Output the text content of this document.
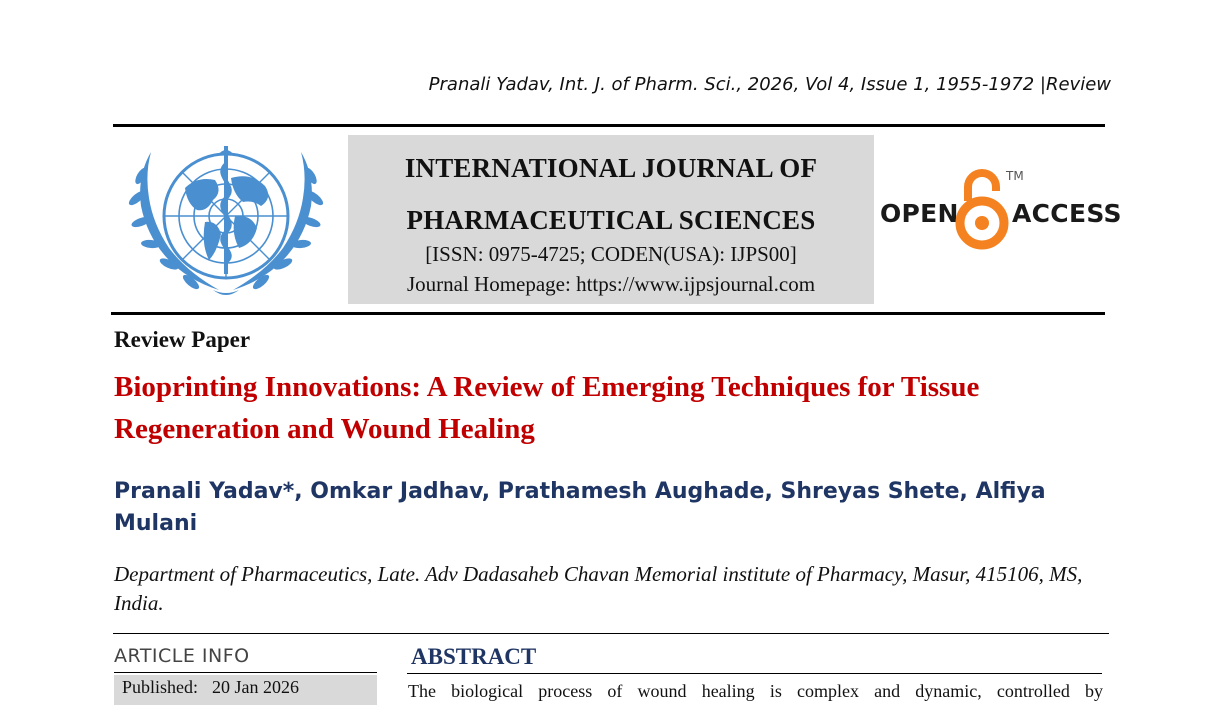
Pranali Yadav, Int. J. of Pharm. Sci., 2026, Vol 4, Issue 1, 1955-1972 |Review
INTERNATIONAL JOURNAL OF
PHARMACEUTICAL SCIENCES
[ISSN: 0975-4725; CODEN(USA): IJPS00]
Journal Homepage: https://www.ijpsjournal.com
OPEN
TM
ACCESS
Review Paper
Bioprinting Innovations: A Review of Emerging Techniques for Tissue Regeneration and Wound Healing
Pranali Yadav*, Omkar Jadhav, Prathamesh Aughade, Shreyas Shete, Alfiya Mulani
Department of Pharmaceutics, Late. Adv Dadasaheb Chavan Memorial institute of Pharmacy, Masur, 415106, MS, India.
ARTICLE INFO
Published: 20 Jan 2026
ABSTRACT
The biological process of wound healing is complex and dynamic, controlled by
